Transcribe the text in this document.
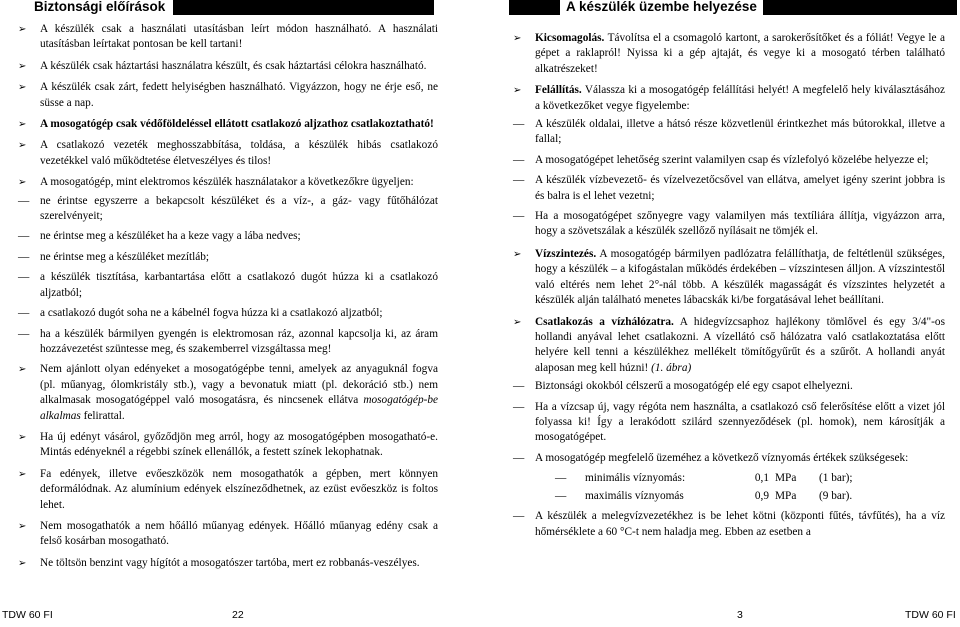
Biztonsági előírások
➢ A készülék csak a használati utasításban leírt módon használható. A használati utasításban leírtakat pontosan be kell tartani!
➢ A készülék csak háztartási használatra készült, és csak háztartási célokra használható.
➢ A készülék csak zárt, fedett helyiségben használható. Vigyázzon, hogy ne érje eső, ne süsse a nap.
➢ A mosogatógép csak védőföldeléssel ellátott csatlakozó aljzathoz csatlakoztatható!
➢ A csatlakozó vezeték meghosszabbítása, toldása, a készülék hibás csatlakozó vezetékkel való működtetése életveszélyes és tilos!
➢ A mosogatógép, mint elektromos készülék használatakor a következőkre ügyeljen:
— ne érintse egyszerre a bekapcsolt készüléket és a víz-, a gáz- vagy fűtőhálózat szerelvényeit;
— ne érintse meg a készüléket ha a keze vagy a lába nedves;
— ne érintse meg a készüléket mezítláb;
— a készülék tisztítása, karbantartása előtt a csatlakozó dugót húzza ki a csatlakozó aljzatból;
— a csatlakozó dugót soha ne a kábelnél fogva húzza ki a csatlakozó aljzatból;
— ha a készülék bármilyen gyengén is elektromosan ráz, azonnal kapcsolja ki, az áram hozzávezetést szüntesse meg, és szakemberrel vizsgáltassa meg!
➢ Nem ajánlott olyan edényeket a mosogatógépbe tenni, amelyek az anyaguknál fogva (pl. műanyag, ólomkristály stb.), vagy a bevonatuk miatt (pl. dekoráció stb.) nem alkalmasak mosogatógéppel való mosogatásra, és nincsenek ellátva mosogatógép-be alkalmas felirattal.
➢ Ha új edényt vásárol, győződjön meg arról, hogy az mosogatógépben mosogatható-e. Mintás edényeknél a régebbi színek ellenállók, a festett színek lekophatnak.
➢ Fa edények, illetve evőeszközök nem mosogathatók a gépben, mert könnyen deformálódnak. Az alumínium edények elszíneződhetnek, az ezüst evőeszköz is foltos lehet.
➢ Nem mosogathatók a nem hőálló műanyag edények. Hőálló műanyag edény csak a felső kosárban mosogatható.
➢ Ne töltsön benzint vagy hígítót a mosogatószer tartóba, mert ez robbanás-veszélyes.
TDW 60 FI	22
A készülék üzembe helyezése
➢ Kicsomagolás. Távolítsa el a csomagoló kartont, a sarokerősítőket és a fóliát! Vegye le a gépet a raklapról! Nyissa ki a gép ajtaját, és vegye ki a mosogató térben található alkatrészeket!
➢ Felállítás. Válassza ki a mosogatógép felállítási helyét! A megfelelő hely kiválasztásához a következőket vegye figyelembe:
— A készülék oldalai, illetve a hátsó része közvetlenül érintkezhet más bútorokkal, illetve a fallal;
— A mosogatógépet lehetőség szerint valamilyen csap és vízlefolyó közelébe helyezze el;
— A készülék vízbevezető- és vízelvezetőcsővel van ellátva, amelyet igény szerint jobbra is és balra is el lehet vezetni;
— Ha a mosogatógépet szőnyegre vagy valamilyen más textíliára állítja, vigyázzon arra, hogy a szövetszálak a készülék szellőző nyílásait ne tömjék el.
➢ Vízszintezés. A mosogatógép bármilyen padlózatra felállíthatja, de feltétlenül szükséges, hogy a készülék – a kifogástalan működés érdekében – vízszintesen álljon. A vízszintestől való eltérés nem lehet 2°-nál több. A készülék magasságát és vízszintes helyzetét a készülék alján található menetes lábacskák ki/be forgatásával lehet beállítani.
➢ Csatlakozás a vízhálózatra. A hidegvízcsaphoz hajlékony tömlővel és egy 3/4"-os hollandi anyával lehet csatlakozni. A vízellátó cső hálózatra való csatlakoztatása előtt helyére kell tenni a készülékhez mellékelt tömítőgyűrűt és a szűrőt. A hollandi anyát alaposan meg kell húzni! (1. ábra)
— Biztonsági okokból célszerű a mosogatógép elé egy csapot elhelyezni.
— Ha a vízcsap új, vagy régóta nem használta, a csatlakozó cső felerősítése előtt a vizet jól folyassa ki! Így a lerakódott szilárd szennyeződések (pl. homok), nem károsítják a mosogatógépet.
— A mosogatógép megfelelő üzeméhez a következő víznyomás értékek szükségesek:
—	minimális víznyomás:	0,1 MPa	(1 bar);
—	maximális víznyomás	0,9 MPa	(9 bar).
— A készülék a melegvízvezetékhez is be lehet kötni (központi fűtés, távfűtés), ha a víz hőmérséklete a 60 °C-t nem haladja meg. Ebben az esetben a
3	TDW 60 FI
